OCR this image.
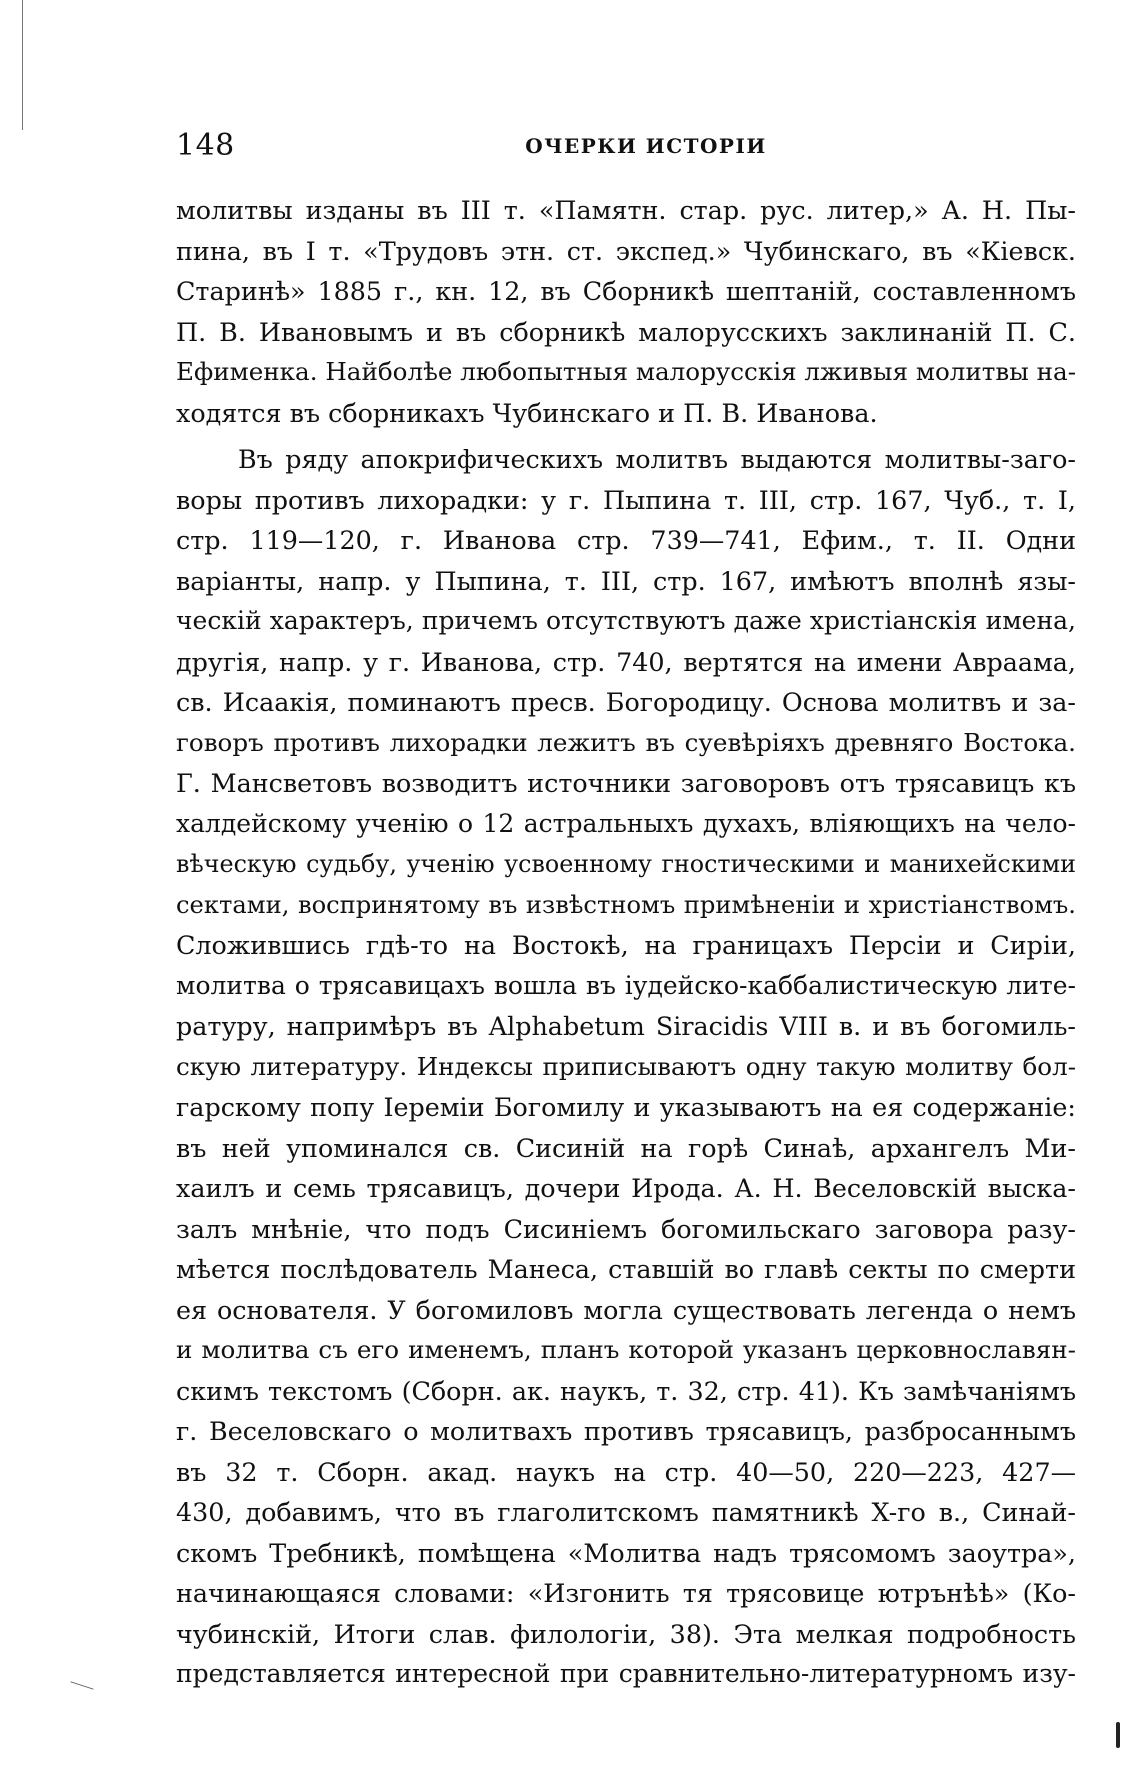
148	ОЧЕРКИ ИСТОРІИ
молитвы изданы въ III т. «Памятн. стар. рус. литер,» А. Н. Пы-
пина, въ I т. «Трудовъ этн. ст. экспед.» Чубинскаго, въ «Кіевск.
Старинѣ» 1885 г., кн. 12, въ Сборникѣ шептаній, составленномъ
П. В. Ивановымъ и въ сборникѣ малорусскихъ заклинаній П. С.
Ефименка. Найболѣе любопытныя малорусскія лживыя молитвы на-
ходятся въ сборникахъ Чубинскаго и П. В. Иванова.
Въ ряду апокрифическихъ молитвъ выдаются молитвы-заго-
воры противъ лихорадки: у г. Пыпина т. III, стр. 167, Чуб., т. I,
стр. 119—120, г. Иванова стр. 739—741, Ефим., т. II. Одни
варіанты, напр. у Пыпина, т. III, стр. 167, имѣютъ вполнѣ язы-
ческій характеръ, причемъ отсутствуютъ даже христіанскія имена,
другія, напр. у г. Иванова, стр. 740, вертятся на имени Авраама,
св. Исаакія, поминаютъ пресв. Богородицу. Основа молитвъ и за-
говоръ противъ лихорадки лежитъ въ суевѣріяхъ древняго Востока.
Г. Мансветовъ возводитъ источники заговоровъ отъ трясавицъ къ
халдейскому ученію о 12 астральныхъ духахъ, вліяющихъ на чело-
вѣческую судьбу, ученію усвоенному гностическими и манихейскими
сектами, воспринятому въ извѣстномъ примѣненіи и христіанствомъ.
Сложившись гдѣ-то на Востокѣ, на границахъ Персіи и Сиріи,
молитва о трясавицахъ вошла въ іудейско-каббалистическую лите-
ратуру, напримѣръ въ Alphabetum Siracidis VIII в. и въ богомиль-
скую литературу. Индексы приписываютъ одну такую молитву бол-
гарскому попу Іереміи Богомилу и указываютъ на ея содержаніе:
въ ней упоминался св. Сисиній на горѣ Синаѣ, архангелъ Ми-
хаилъ и семь трясавицъ, дочери Ирода. А. Н. Веселовскій выска-
залъ мнѣніе, что подъ Сисиніемъ богомильскаго заговора разу-
мѣется послѣдователь Манеса, ставшій во главѣ секты по смерти
ея основателя. У богомиловъ могла существовать легенда о немъ
и молитва съ его именемъ, планъ которой указанъ церковнославян-
скимъ текстомъ (Сборн. ак. наукъ, т. 32, стр. 41). Къ замѣчаніямъ
г. Веселовскаго о молитвахъ противъ трясавицъ, разбросаннымъ
въ 32 т. Сборн. акад. наукъ на стр. 40—50, 220—223, 427—
430, добавимъ, что въ глаголитскомъ памятникѣ X-го в., Синай-
скомъ Требникѣ, помѣщена «Молитва надъ трясомомъ заоутра»,
начинающаяся словами: «Изгонить тя трясовице ютрънѣѣ» (Ко-
чубинскій, Итоги слав. филологіи, 38). Эта мелкая подробность
представляется интересной при сравнительно-литературномъ изу-
